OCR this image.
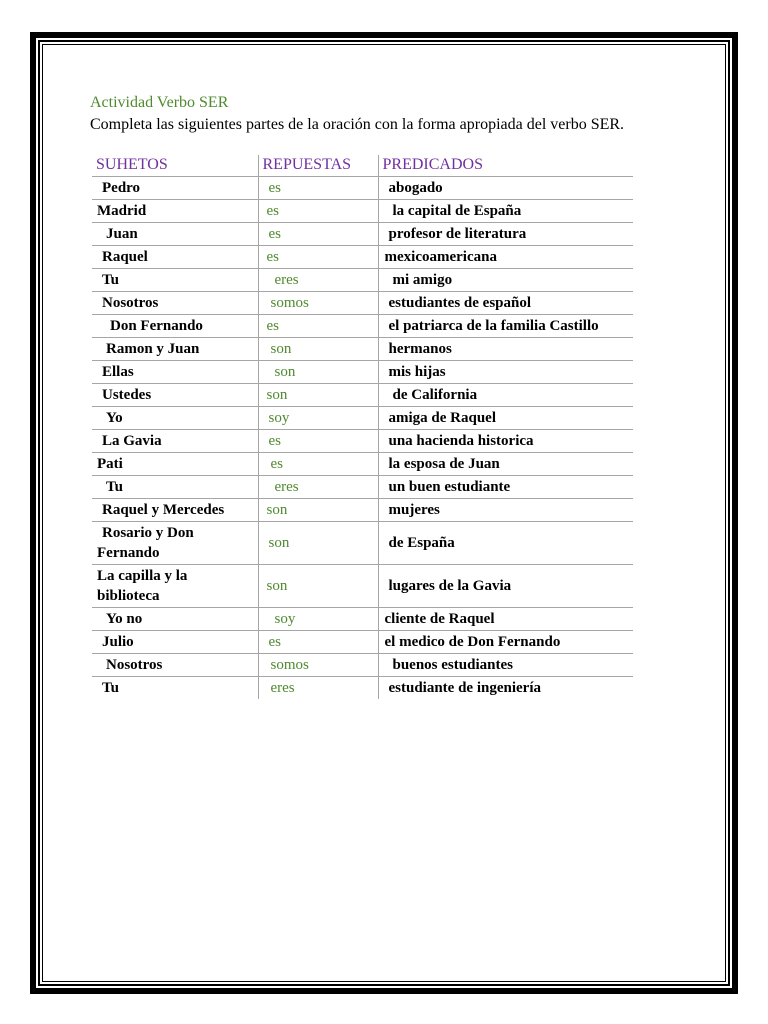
Actividad Verbo SER
Completa las siguientes partes de la oración con la forma apropiada del verbo SER.
SUHETOS	REPUESTAS	PREDICADOS
Pedro	es	abogado
Madrid	es	la capital de España
Juan	es	profesor de literatura
Raquel	es	mexicoamericana
Tu	eres	mi amigo
Nosotros	somos	estudiantes de español
Don Fernando	es	el patriarca de la familia Castillo
Ramon y Juan	son	hermanos
Ellas	son	mis hijas
Ustedes	son	de California
Yo	soy	amiga de Raquel
La Gavia	es	una hacienda historica
Pati	es	la esposa de Juan
Tu	eres	un buen estudiante
Raquel y Mercedes	son	mujeres
Rosario y Don Fernando	son	de España
La capilla y la biblioteca	son	lugares de la Gavia
Yo no	soy	cliente de Raquel
Julio	es	el medico de Don Fernando
Nosotros	somos	buenos estudiantes
Tu	eres	estudiante de ingeniería
